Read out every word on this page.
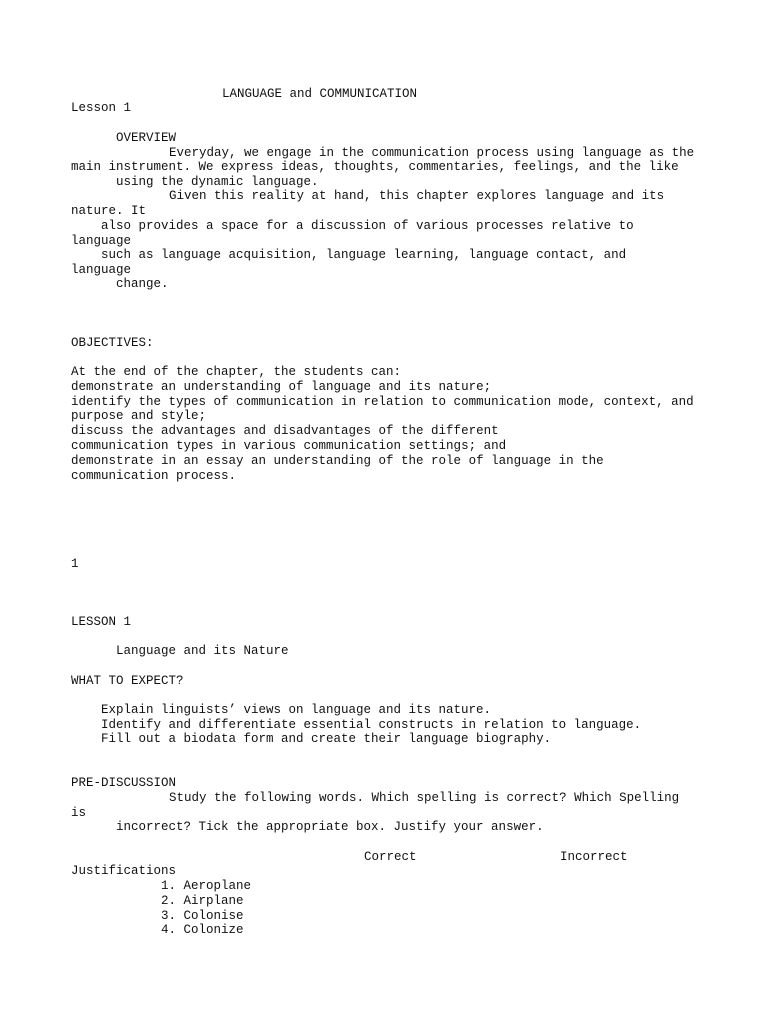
LANGUAGE and COMMUNICATION
Lesson 1
OVERVIEW
Everyday, we engage in the communication process using language as the
main instrument. We express ideas, thoughts, commentaries, feelings, and the like
using the dynamic language.
Given this reality at hand, this chapter explores language and its
nature. It
also provides a space for a discussion of various processes relative to
language
such as language acquisition, language learning, language contact, and
language
change.
OBJECTIVES:
At the end of the chapter, the students can:
demonstrate an understanding of language and its nature;
identify the types of communication in relation to communication mode, context, and
purpose and style;
discuss the advantages and disadvantages of the different
communication types in various communication settings; and
demonstrate in an essay an understanding of the role of language in the
communication process.
1
LESSON 1
Language and its Nature
WHAT TO EXPECT?
Explain linguists’ views on language and its nature.
Identify and differentiate essential constructs in relation to language.
Fill out a biodata form and create their language biography.
PRE-DISCUSSION
Study the following words. Which spelling is correct? Which Spelling
is
incorrect? Tick the appropriate box. Justify your answer.
Correct	Incorrect
Justifications
1. Aeroplane
2. Airplane
3. Colonise
4. Colonize
